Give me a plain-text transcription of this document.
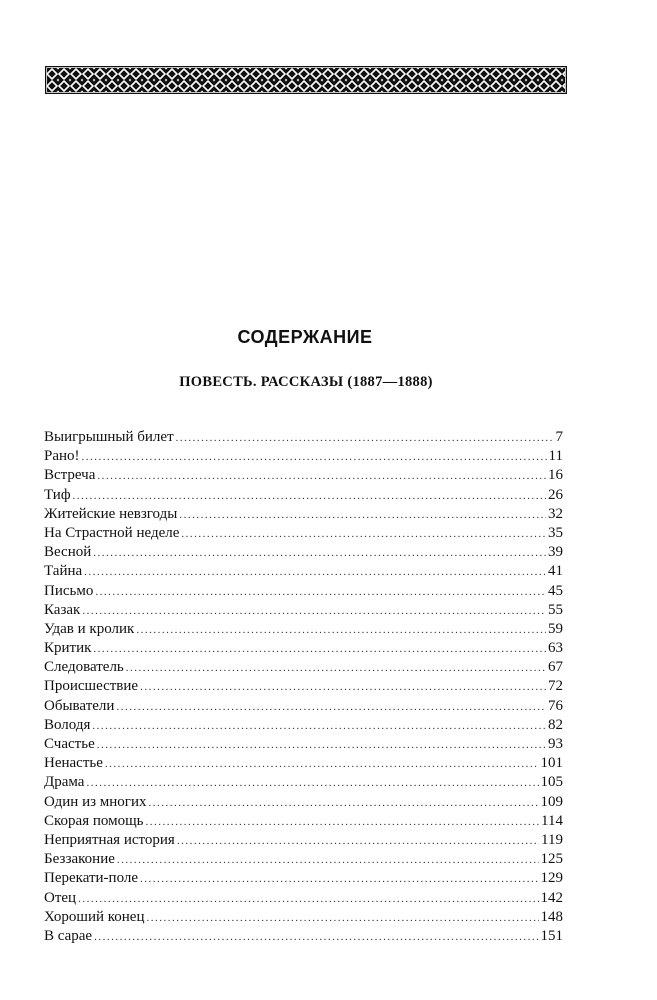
СОДЕРЖАНИЕ
ПОВЕСТЬ. РАССКАЗЫ (1887—1888)
Выигрышный билет .....	7
Рано! .....	11
Встреча .....	16
Тиф .....	26
Житейские невзгоды .....	32
На Страстной неделе .....	35
Весной .....	39
Тайна .....	41
Письмо .....	45
Казак .....	55
Удав и кролик .....	59
Критик .....	63
Следователь .....	67
Происшествие .....	72
Обыватели .....	76
Володя .....	82
Счастье .....	93
Ненастье .....	101
Драма .....	105
Один из многих .....	109
Скорая помощь .....	114
Неприятная история .....	119
Беззаконие .....	125
Перекати-поле .....	129
Отец .....	142
Хороший конец .....	148
В сарае .....	151
